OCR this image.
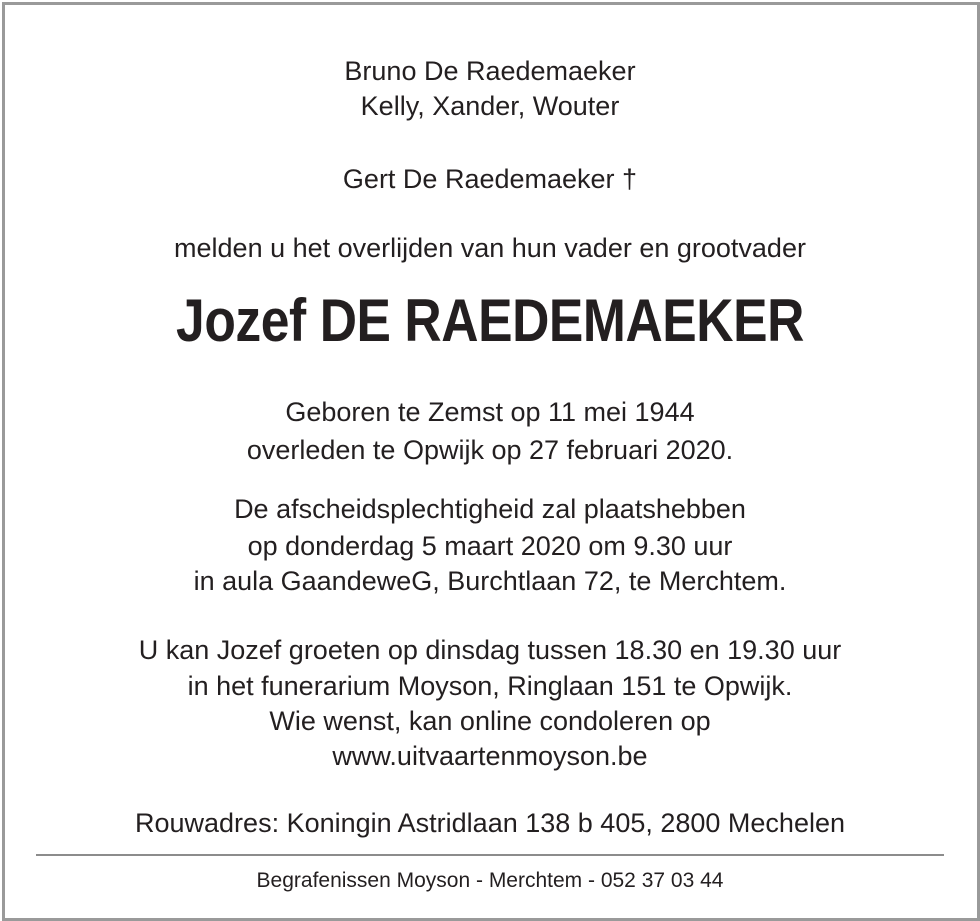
Bruno De Raedemaeker
Kelly, Xander, Wouter
Gert De Raedemaeker †
melden u het overlijden van hun vader en grootvader
Jozef DE RAEDEMAEKER
Geboren te Zemst op 11 mei 1944
overleden te Opwijk op 27 februari 2020.
De afscheidsplechtigheid zal plaatshebben
op donderdag 5 maart 2020 om 9.30 uur
in aula GaandeweG, Burchtlaan 72, te Merchtem.
U kan Jozef groeten op dinsdag tussen 18.30 en 19.30 uur
in het funerarium Moyson, Ringlaan 151 te Opwijk.
Wie wenst, kan online condoleren op
www.uitvaartenmoyson.be
Rouwadres: Koningin Astridlaan 138 b 405, 2800 Mechelen
Begrafenissen Moyson - Merchtem - 052 37 03 44
